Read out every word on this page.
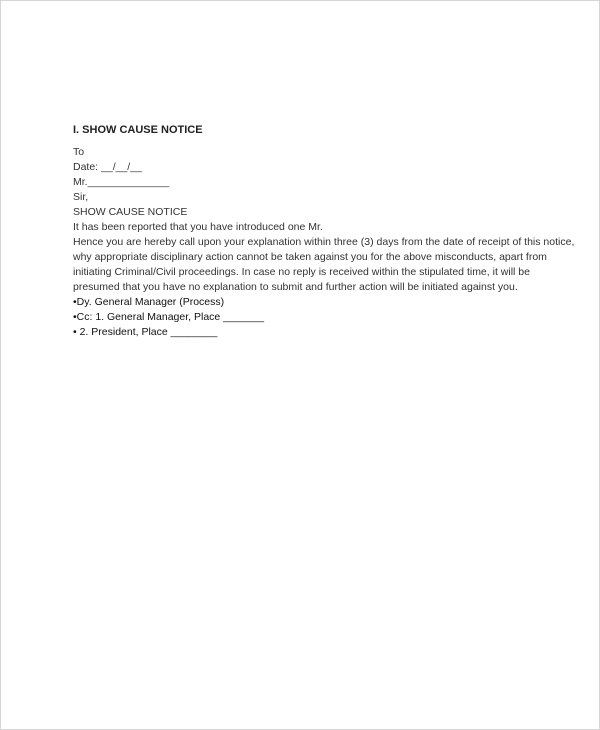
I. SHOW CAUSE NOTICE
To
Date: __/__/__
Mr.______________
Sir,
SHOW CAUSE NOTICE
It has been reported that you have introduced one Mr.
Hence you are hereby call upon your explanation within three (3) days from the date of receipt of this notice,
why appropriate disciplinary action cannot be taken against you for the above misconducts, apart from
initiating Criminal/Civil proceedings. In case no reply is received within the stipulated time, it will be
presumed that you have no explanation to submit and further action will be initiated against you.
•Dy. General Manager (Process)
•Cc: 1. General Manager, Place _______
• 2. President, Place ________
